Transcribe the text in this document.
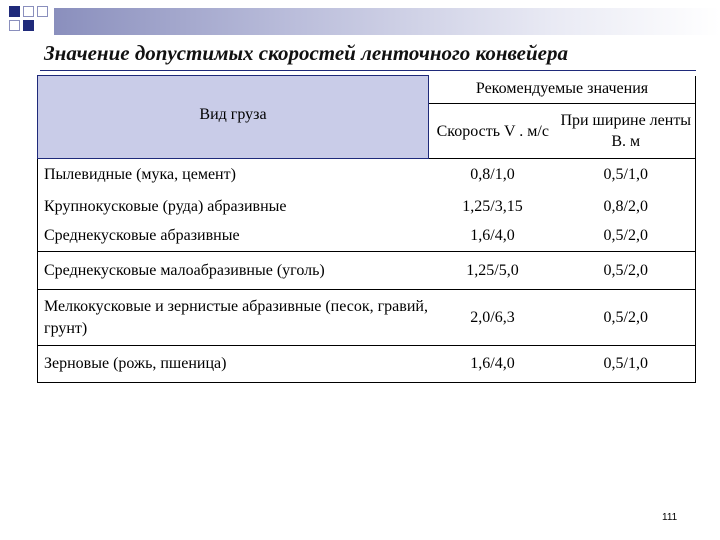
Значение допустимых скоростей ленточного конвейера
Вид груза	Рекомендуемые значения	
	Скорость V . м/с	При ширине ленты В. м
Пылевидные (мука, цемент)	0,8/1,0	0,5/1,0
Крупнокусковые (руда) абразивные	1,25/3,15	0,8/2,0
Среднекусковые абразивные	1,6/4,0	0,5/2,0
Среднекусковые малоабразивные (уголь)	1,25/5,0	0,5/2,0
Мелкокусковые и зернистые абразивные (песок, гравий, грунт)	2,0/6,3	0,5/2,0
Зерновые (рожь, пшеница)	1,6/4,0	0,5/1,0
111
